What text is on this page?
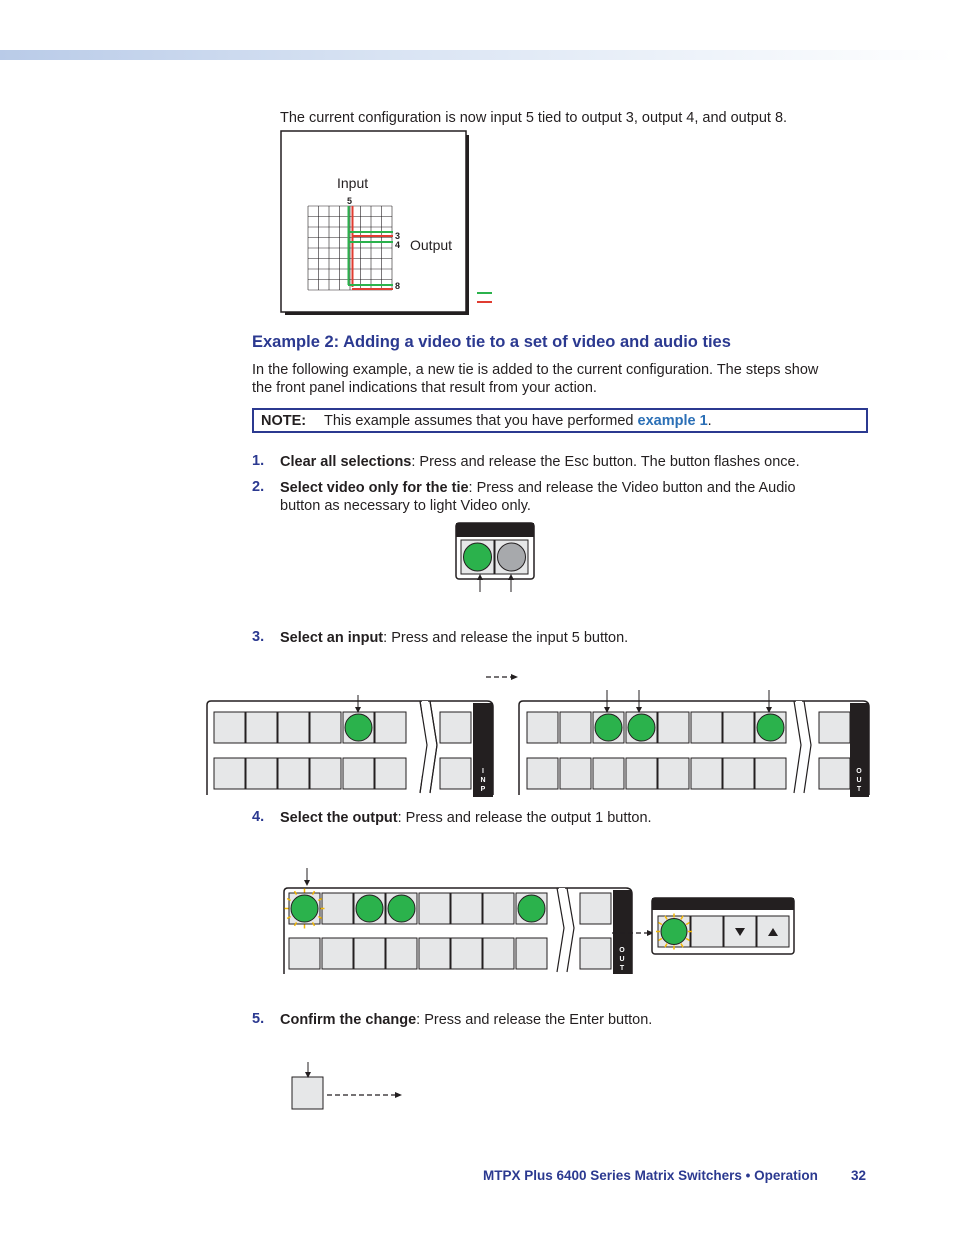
The current configuration is now input 5 tied to output 3, output 4, and output 8.
Input
Output
5
3
4
8
Example 2: Adding a video tie to a set of video and audio ties
In the following example, a new tie is added to the current configuration. The steps show
the front panel indications that result from your action.
NOTE: This example assumes that you have performed example 1.
1. Clear all selections: Press and release the Esc button. The button flashes once.
2. Select video only for the tie: Press and release the Video button and the Audio
button as necessary to light Video only.
3. Select an input: Press and release the input 5 button.
I
N
P
O
U
T
4. Select the output: Press and release the output 1 button.
O
U
T
5. Confirm the change: Press and release the Enter button.
MTPX Plus 6400 Series Matrix Switchers • Operation 32
